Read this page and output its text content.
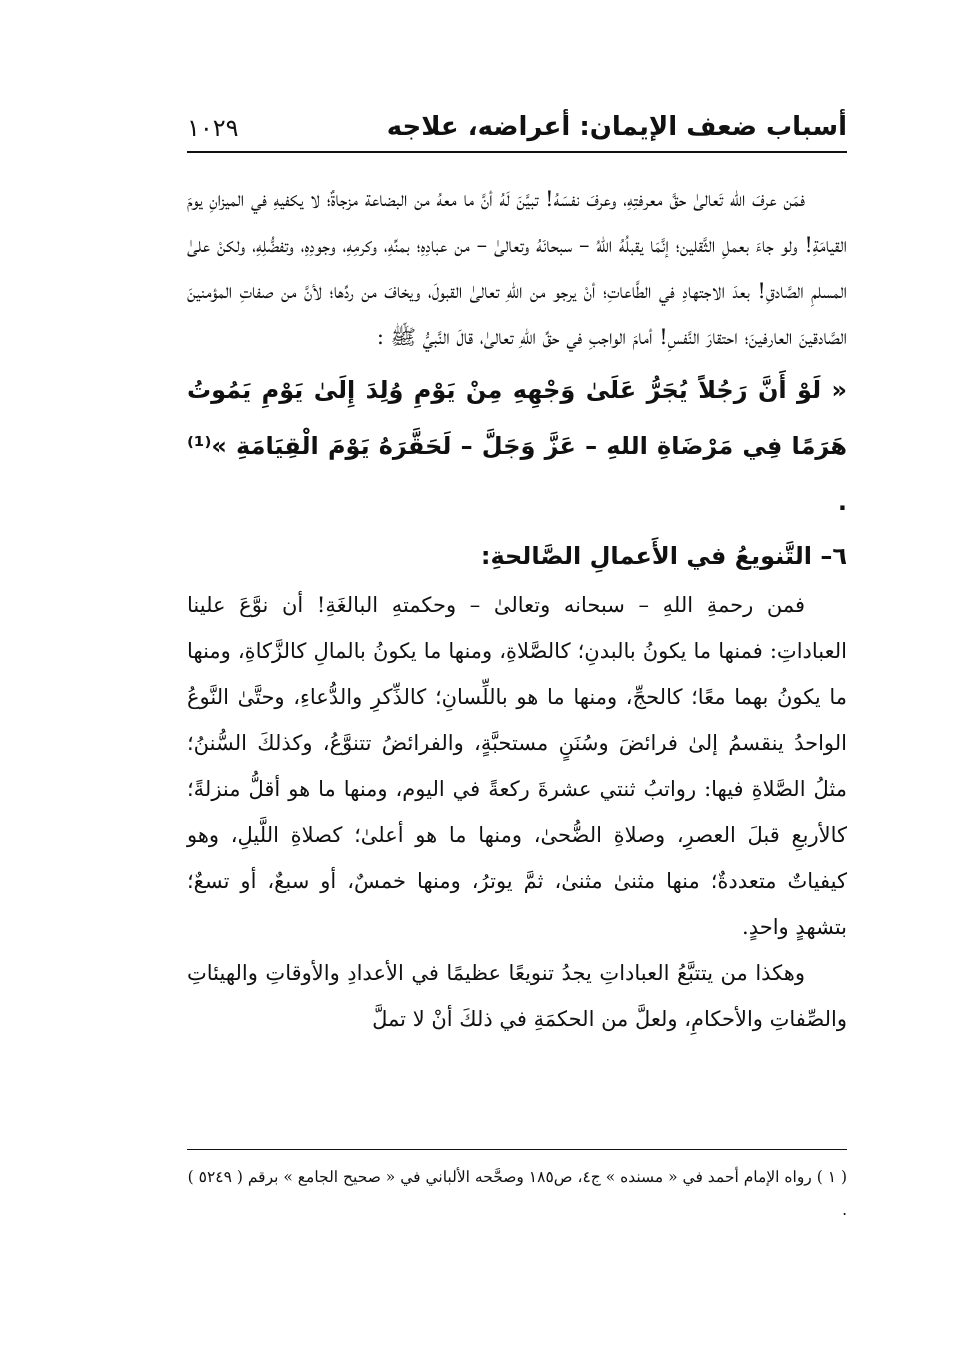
أسباب ضعف الإيمان: أعراضه، علاجه
١٠٢٩

فمَن عرفَ الله تَعالىٰ حقَّ معرفتِهِ، وعرفَ نفسَهُ! تبيَّنَ لَهُ أنَّ ما معهُ من البضاعة مزجاةٌ؛ لا يكفيهِ في الميزانِ يومَ القيامَةِ! ولو جاءَ بعملِ الثَّقلين؛ إنَّمَا يقبلُهُ اللهُ – سبحانَهُ وتعالىٰ – من عبادِهِ؛ بمنِّهِ، وكرمِهِ، وجودِهِ، وتفضُّلِهِ، ولكنْ علىٰ المسلمِ الصَّادقِ! بعدَ الاجتهادِ في الطَّاعاتِ؛ أنْ يرجو من اللهِ تعالىٰ القبولَ، ويخافَ من ردِّها؛ لأنَّ من صفاتِ المؤمنينَ الصَّادقينَ العارفينَ؛ احتقارَ النَّفسِ! أمامَ الواجبِ في حقِّ اللهِ تعالىٰ، قالَ النَّبيُّ ﷺ :

« لَوْ أَنَّ رَجُلاً يُجَرُّ عَلَىٰ وَجْهِهِ مِنْ يَوْمِ وُلِدَ إِلَىٰ يَوْمِ يَمُوتُ هَرَمًا فِي مَرْضَاةِ اللهِ – عَزَّ وَجَلَّ – لَحَقَّرَهُ يَوْمَ الْقِيَامَةِ »⁽¹⁾ .

٦– التَّنويعُ في الأَعمالِ الصَّالحةِ:

فمن رحمةِ اللهِ – سبحانه وتعالىٰ – وحكمتهِ البالغَةِ! أن نوَّعَ علينا العباداتِ: فمنها ما يكونُ بالبدنِ؛ كالصَّلاةِ، ومنها ما يكونُ بالمالِ كالزَّكاةِ، ومنها ما يكونُ بهما معًا؛ كالحجِّ، ومنها ما هو باللِّسانِ؛ كالذِّكرِ والدُّعاءِ، وحتَّىٰ النَّوعُ الواحدُ ينقسمُ إلىٰ فرائضَ وسُنَنٍ مستحبَّةٍ، والفرائضُ تتنوَّعُ، وكذلكَ السُّننُ؛ مثلُ الصَّلاةِ فيها: رواتبُ ثنتي عشرةَ ركعةً في اليوم، ومنها ما هو أقلُّ منزلةً؛ كالأربعِ قبلَ العصرِ، وصلاةِ الضُّحىٰ، ومنها ما هو أعلىٰ؛ كصلاةِ اللَّيلِ، وهو كيفياتٌ متعددةٌ؛ منها مثنىٰ مثنىٰ، ثمَّ يوترُ، ومنها خمسٌ، أو سبعٌ، أو تسعٌ؛ بتشهدٍ واحدٍ.

وهكذا من يتتبَّعُ العباداتِ يجدُ تنويعًا عظيمًا في الأعدادِ والأوقاتِ والهيئاتِ والصِّفاتِ والأحكامِ، ولعلَّ من الحكمَةِ في ذلكَ أنْ لا تملَّ

( ١ ) رواه الإمام أحمد في « مسنده » ج٤، ص١٨٥ وصحَّحه الألباني في « صحيح الجامع » برقم ( ٥٢٤٩ ) .
